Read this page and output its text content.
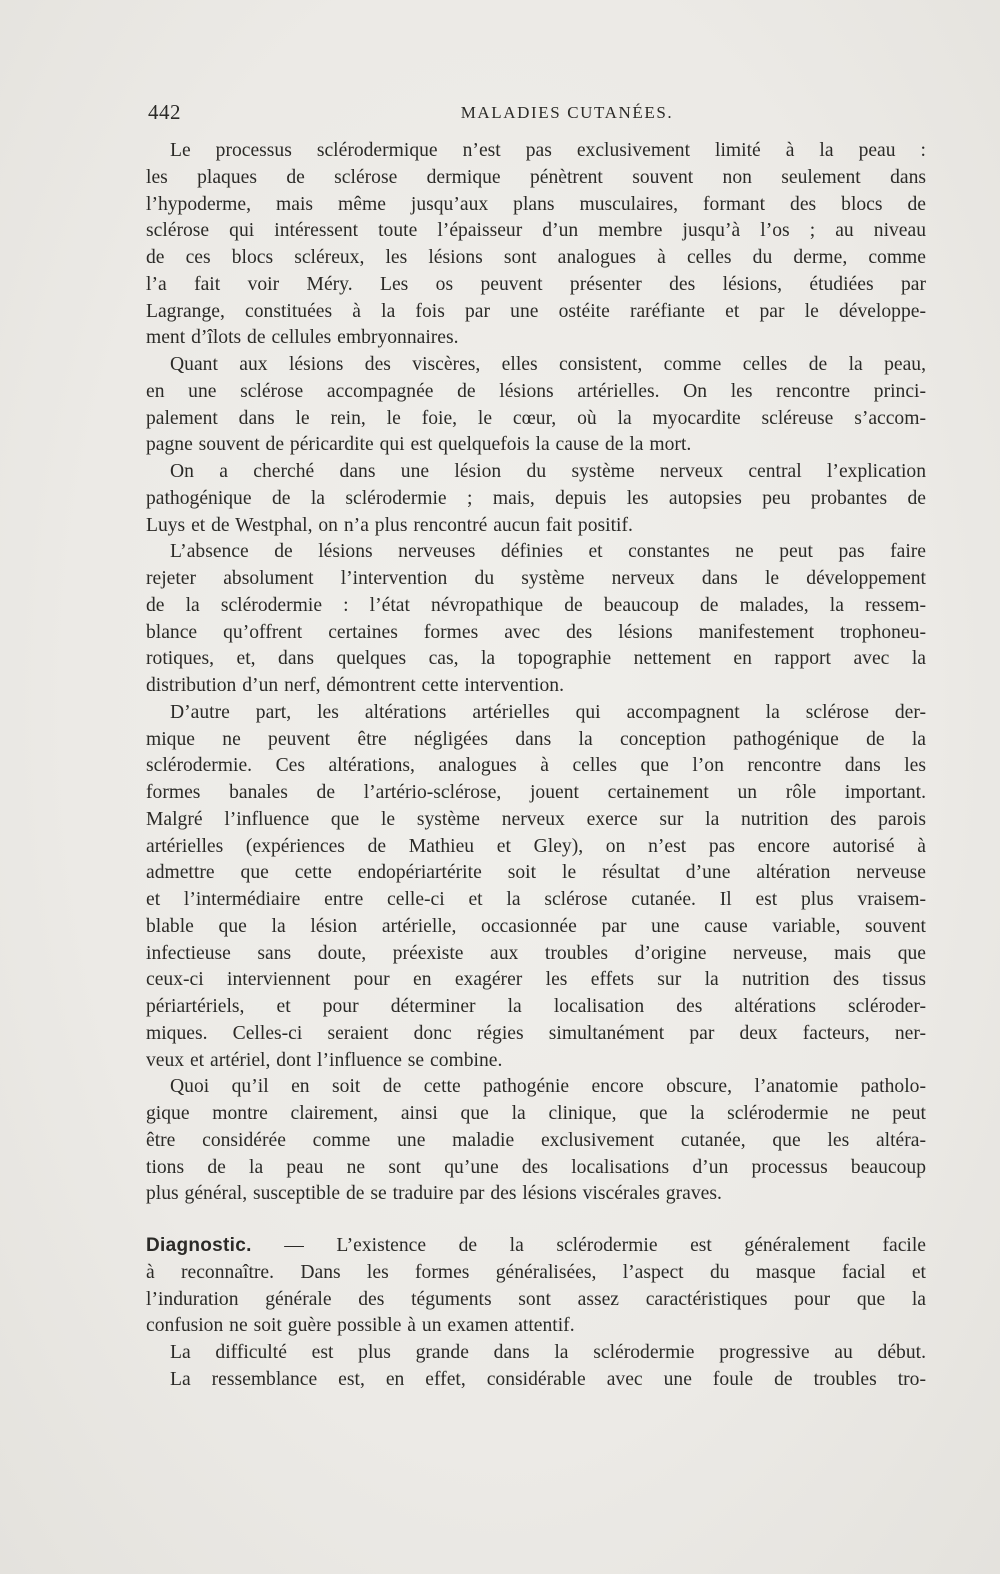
442	MALADIES CUTANÉES.
Le processus sclérodermique n’est pas exclusivement limité à la peau :
les plaques de sclérose dermique pénètrent souvent non seulement dans
l’hypoderme, mais même jusqu’aux plans musculaires, formant des blocs de
sclérose qui intéressent toute l’épaisseur d’un membre jusqu’à l’os ; au niveau
de ces blocs scléreux, les lésions sont analogues à celles du derme, comme
l’a fait voir Méry. Les os peuvent présenter des lésions, étudiées par
Lagrange, constituées à la fois par une ostéite raréfiante et par le développe-
ment d’îlots de cellules embryonnaires.
Quant aux lésions des viscères, elles consistent, comme celles de la peau,
en une sclérose accompagnée de lésions artérielles. On les rencontre princi-
palement dans le rein, le foie, le cœur, où la myocardite scléreuse s’accom-
pagne souvent de péricardite qui est quelquefois la cause de la mort.
On a cherché dans une lésion du système nerveux central l’explication
pathogénique de la sclérodermie ; mais, depuis les autopsies peu probantes de
Luys et de Westphal, on n’a plus rencontré aucun fait positif.
L’absence de lésions nerveuses définies et constantes ne peut pas faire
rejeter absolument l’intervention du système nerveux dans le développement
de la sclérodermie : l’état névropathique de beaucoup de malades, la ressem-
blance qu’offrent certaines formes avec des lésions manifestement trophoneu-
rotiques, et, dans quelques cas, la topographie nettement en rapport avec la
distribution d’un nerf, démontrent cette intervention.
D’autre part, les altérations artérielles qui accompagnent la sclérose der-
mique ne peuvent être négligées dans la conception pathogénique de la
sclérodermie. Ces altérations, analogues à celles que l’on rencontre dans les
formes banales de l’artério-sclérose, jouent certainement un rôle important.
Malgré l’influence que le système nerveux exerce sur la nutrition des parois
artérielles (expériences de Mathieu et Gley), on n’est pas encore autorisé à
admettre que cette endopériartérite soit le résultat d’une altération nerveuse
et l’intermédiaire entre celle-ci et la sclérose cutanée. Il est plus vraisem-
blable que la lésion artérielle, occasionnée par une cause variable, souvent
infectieuse sans doute, préexiste aux troubles d’origine nerveuse, mais que
ceux-ci interviennent pour en exagérer les effets sur la nutrition des tissus
périartériels, et pour déterminer la localisation des altérations scléroder-
miques. Celles-ci seraient donc régies simultanément par deux facteurs, ner-
veux et artériel, dont l’influence se combine.
Quoi qu’il en soit de cette pathogénie encore obscure, l’anatomie patholo-
gique montre clairement, ainsi que la clinique, que la sclérodermie ne peut
être considérée comme une maladie exclusivement cutanée, que les altéra-
tions de la peau ne sont qu’une des localisations d’un processus beaucoup
plus général, susceptible de se traduire par des lésions viscérales graves.
Diagnostic. — L’existence de la sclérodermie est généralement facile
à reconnaître. Dans les formes généralisées, l’aspect du masque facial et
l’induration générale des téguments sont assez caractéristiques pour que la
confusion ne soit guère possible à un examen attentif.
La difficulté est plus grande dans la sclérodermie progressive au début.
La ressemblance est, en effet, considérable avec une foule de troubles tro-
